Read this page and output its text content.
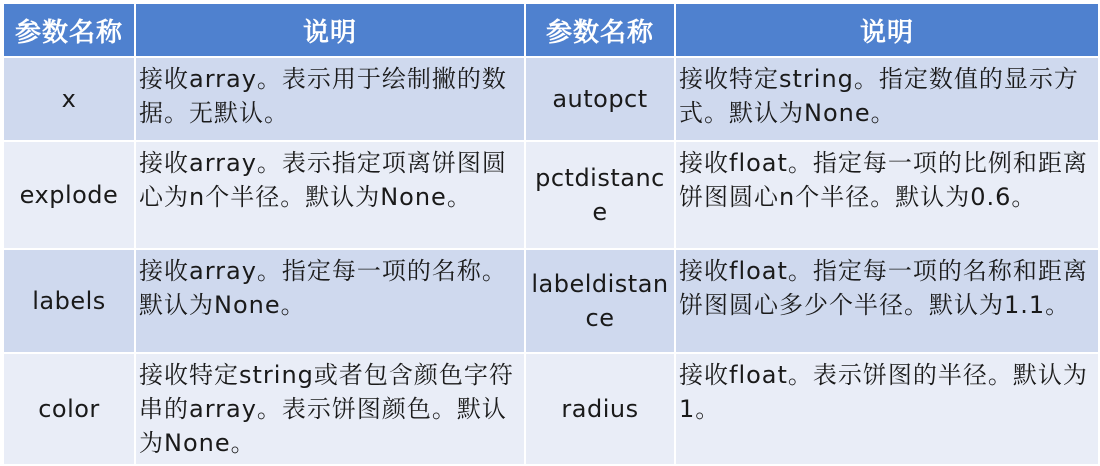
参数名称	说明	参数名称	说明
x	接收array。表示用于绘制撇的数据。无默认。	autopct	接收特定string。指定数值的显示方式。默认为None。
explode	接收array。表示指定项离饼图圆心为n个半径。默认为None。	pctdistance	接收float。指定每一项的比例和距离饼图圆心n个半径。默认为0.6。
labels	接收array。指定每一项的名称。默认为None。	labeldistance	接收float。指定每一项的名称和距离饼图圆心多少个半径。默认为1.1。
color	接收特定string或者包含颜色字符串的array。表示饼图颜色。默认为None。	radius	接收float。表示饼图的半径。默认为1。
